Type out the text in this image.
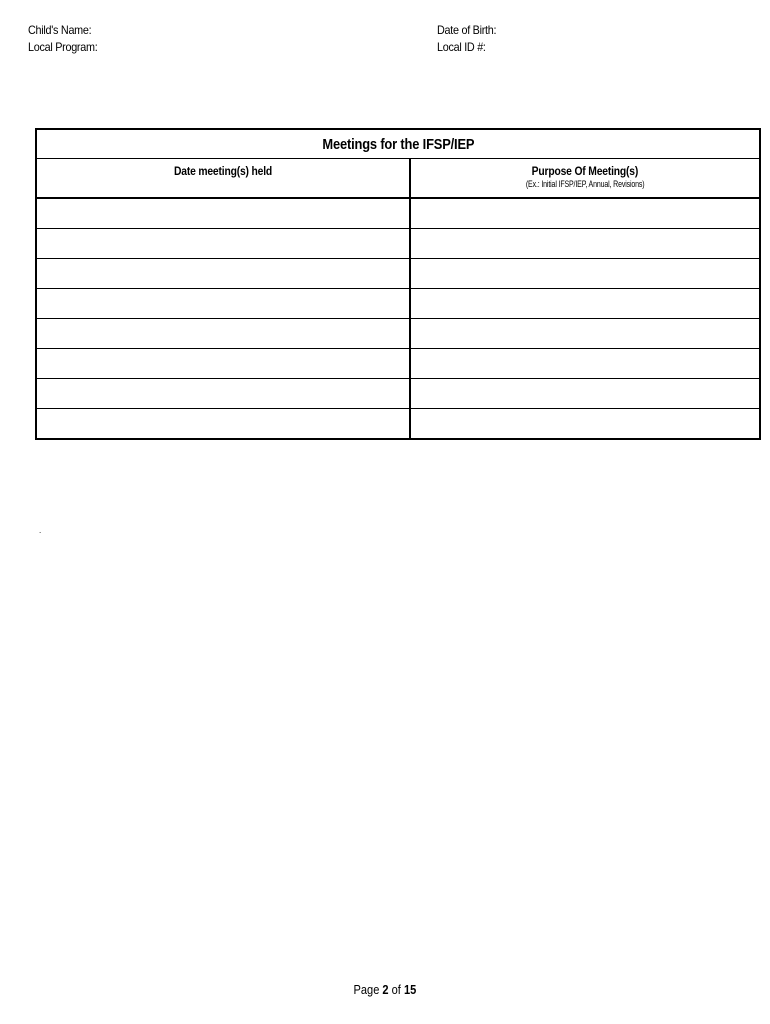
Child's Name:
Local Program:
Date of Birth:
Local ID #:
Meetings for the IFSP/IEP	
Date meeting(s) held	Purpose Of Meeting(s)
(Ex.: Initial IFSP/IEP, Annual, Revisions)

.
Page 2 of 15
